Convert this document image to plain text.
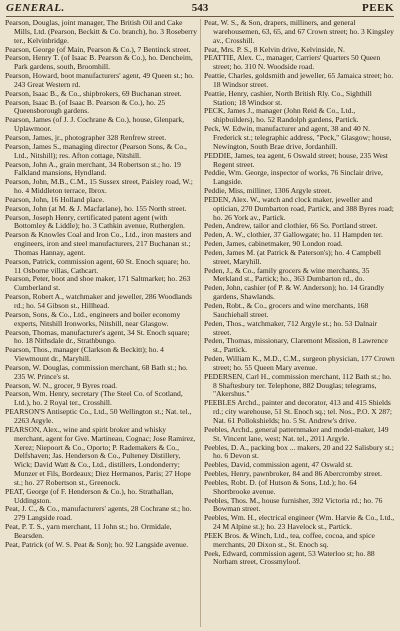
GENERAL.	543	PEEK

Pearson, Douglas, joint manager, The British Oil and Cake Mills, Ltd. (Pearson, Beckitt & Co. branch), ho. 3 Roseberry ter., Kelvinbridge.

Pearson, George (of Main, Pearson & Co.), 7 Bentinck street.

Pearson, Henry T. (of Isaac B. Pearson & Co.), ho. Dencheim, Park gardens, south, Broomhill.

Pearson, Howard, boot manufacturers' agent, 49 Queen st.; ho. 243 Great Western rd.

Pearson, Isaac B., & Co., shipbrokers, 69 Buchanan street.

Pearson, Isaac B. (of Isaac B. Pearson & Co.), ho. 25 Queensborough gardens.

Pearson, James (of J. J. Cochrane & Co.), house, Glenpark, Uplawmoor.

Pearson, James, jr., photographer 328 Renfrew street.

Pearson, James S., managing director (Pearson Sons, & Co., Ltd., Nitshill); res. Afton cottage, Nitshill.

Pearson, John A., grain merchant, 34 Robertson st.; ho. 19 Falkland mansions, Hyndland.

Pearson, John, M.B., C.M., 15 Sussex street, Paisley road, W.; ho. 4 Middleton terrace, Ibrox.

Pearson, John, 16 Holland place.

Pearson, John (at M. & J. Macfarlane), ho. 155 North street.

Pearson, Joseph Henry, certificated patent agent (with Bottomley & Liddle); ho. 3 Cathkin avenue, Rutherglen.

Pearson & Knowles Coal and Iron Co., Ltd., iron masters and engineers, iron and steel manufacturers, 217 Buchanan st.; Thomas Hannay, agent.

Pearson, Patrick, commission agent, 60 St. Enoch square; ho. 11 Osborne villas, Cathcart.

Pearson, Peter, boot and shoe maker, 171 Saltmarket; ho. 263 Cumberland st.

Pearson, Robert A., watchmaker and jeweller, 286 Woodlands rd.; ho. 54 Gibson st., Hillhead.

Pearson, Sons, & Co., Ltd., engineers and boiler economy experts, Nitshill Ironworks, Nitshill, near Glasgow.

Pearson, Thomas, manufacturer's agent, 34 St. Enoch square; ho. 18 Nithsdale dr., Strathbungo.

Pearson, Thos., manager (Clarkson & Beckitt); ho. 4 Viewmount dr., Maryhill.

Pearson, W. Douglas, commission merchant, 68 Bath st.; ho. 235 W. Prince's st.

Pearson, W. N., grocer, 9 Byres road.

Pearson, Wm. Henry, secretary (The Steel Co. of Scotland, Ltd.), ho. 2 Royal ter., Crosshill.

PEARSON'S Antiseptic Co., Ltd., 50 Wellington st.; Nat. tel., 2263 Argyle.

PEARSON, Alex., wine and spirit broker and whisky merchant, agent for Gve. Martineau, Cognac; Jose Ramirez, Xerez; Niepoort & Co., Oporto; P. Rademakers & Co., Delfshaven; Jas. Henderson & Co., Pulteney Distillery, Wick; David Watt & Co., Ltd., distillers, Londonderry; Munzer et Fils, Bordeaux; Diez Hermanos, Paris; 27 Hope st.; ho. 27 Robertson st., Greenock.

PEAT, George (of F. Henderson & Co.), ho. Strathallan, Uddingston.

Peat, J. C., & Co., manufacturers' agents, 28 Cochrane st.; ho. 279 Langside road.

Peat, P. T. S., yarn merchant, 11 John st.; ho. Ormidale, Bearsden.

Peat, Patrick (of W. S. Peat & Son); ho. 92 Langside avenue.

Peat, W. S., & Son, drapers, milliners, and general warehousemen, 63, 65, and 67 Crown street; ho. 3 Kingsley av., Crosshill.

Peat, Mrs. P. S., 8 Kelvin drive, Kelvinside, N.

PEATTIE, Alex. C., manager, Carriers' Quarters 50 Queen street; ho. 310 N. Woodside road.

Peattie, Charles, goldsmith and jeweller, 65 Jamaica street; ho. 18 Windsor street.

Peattie, Henry, cashier, North British Rly. Co., Sighthill Station; 18 Windsor st.

PECK, James J., manager (John Reid & Co., Ltd., shipbuilders), ho. 52 Randolph gardens, Partick.

Peck, W. Edwin, manufacturer and agent, 38 and 40 N. Frederick st.; telegraphic address, "Peck," Glasgow; house, Newington, South Brae drive, Jordanhill.

PEDDIE, James, tea agent, 6 Oswald street; house, 235 West Regent street.

Peddie, Wm. George, inspector of works, 76 Sinclair drive, Langside.

Peddie, Miss, milliner, 1306 Argyle street.

PEDEN, Alex. W., watch and clock maker, jeweller and optician, 270 Dumbarton road, Partick, and 388 Byres road; ho. 26 York av., Partick.

Peden, Andrew, tailor and clothier, 66 So. Portland street.

Peden, A. W., clothier, 37 Gallowgate; ho. 11 Hampden ter.

Peden, James, cabinetmaker, 90 London road.

Peden, James M. (at Patrick & Paterson's); ho. 4 Campbell street, Maryhill.

Peden, J., & Co., family grocers & wine merchants, 35 Merkland st., Partick; ho., 363 Dumbarton rd., do.

Peden, John, cashier (of P. & W. Anderson); ho. 14 Grandly gardens, Shawlands.

Peden, Robt., & Co., grocers and wine merchants, 168 Sauchiehall street.

Peden, Thos., watchmaker, 712 Argyle st.; ho. 53 Dalnair street.

Peden, Thomas, missionary, Claremont Mission, 8 Lawrence st., Partick.

Peden, William K., M.D., C.M., surgeon physician, 177 Crown street; ho. 55 Queen Mary avenue.

PEDERSEN, Carl H., commission merchant, 112 Bath st.; ho. 8 Shaftesbury ter. Telephone, 882 Douglas; telegrams, "Akershus."

PEEBLES Archd., painter and decorator, 413 and 415 Shields rd.; city warehouse, 51 St. Enoch sq.; tel. Nos., P.O. X 287; Nat. 61 Pollokshields; ho. 5 St. Andrew's drive.

Peebles, Archd., general patternmaker and model-maker, 149 St. Vincent lane, west; Nat. tel., 2011 Argyle.

Peebles, D. A., packing box ... makers, 20 and 22 Salisbury st.; ho. 6 Devon st.

Peebles, David, commission agent, 47 Oswald st.

Peebles, Henry, pawnbroker, 84 and 86 Abercromby street.

Peebles, Robt. D. (of Hutson & Sons, Ltd.); ho. 64 Shortbrooke avenue.

Peebles, Thos. M., house furnisher, 392 Victoria rd.; ho. 76 Bowman street.

Peebles, Wm. H., electrical engineer (Wm. Harvie & Co., Ltd., 24 M Alpine st.); ho. 23 Havelock st., Partick.

PEEK Bros. & Winch, Ltd., tea, coffee, cocoa, and spice merchants, 20 Dixon st., St. Enoch sq.

Peek, Edward, commission agent, 53 Waterloo st; ho. 88 Norham street, Crossmyloof.
